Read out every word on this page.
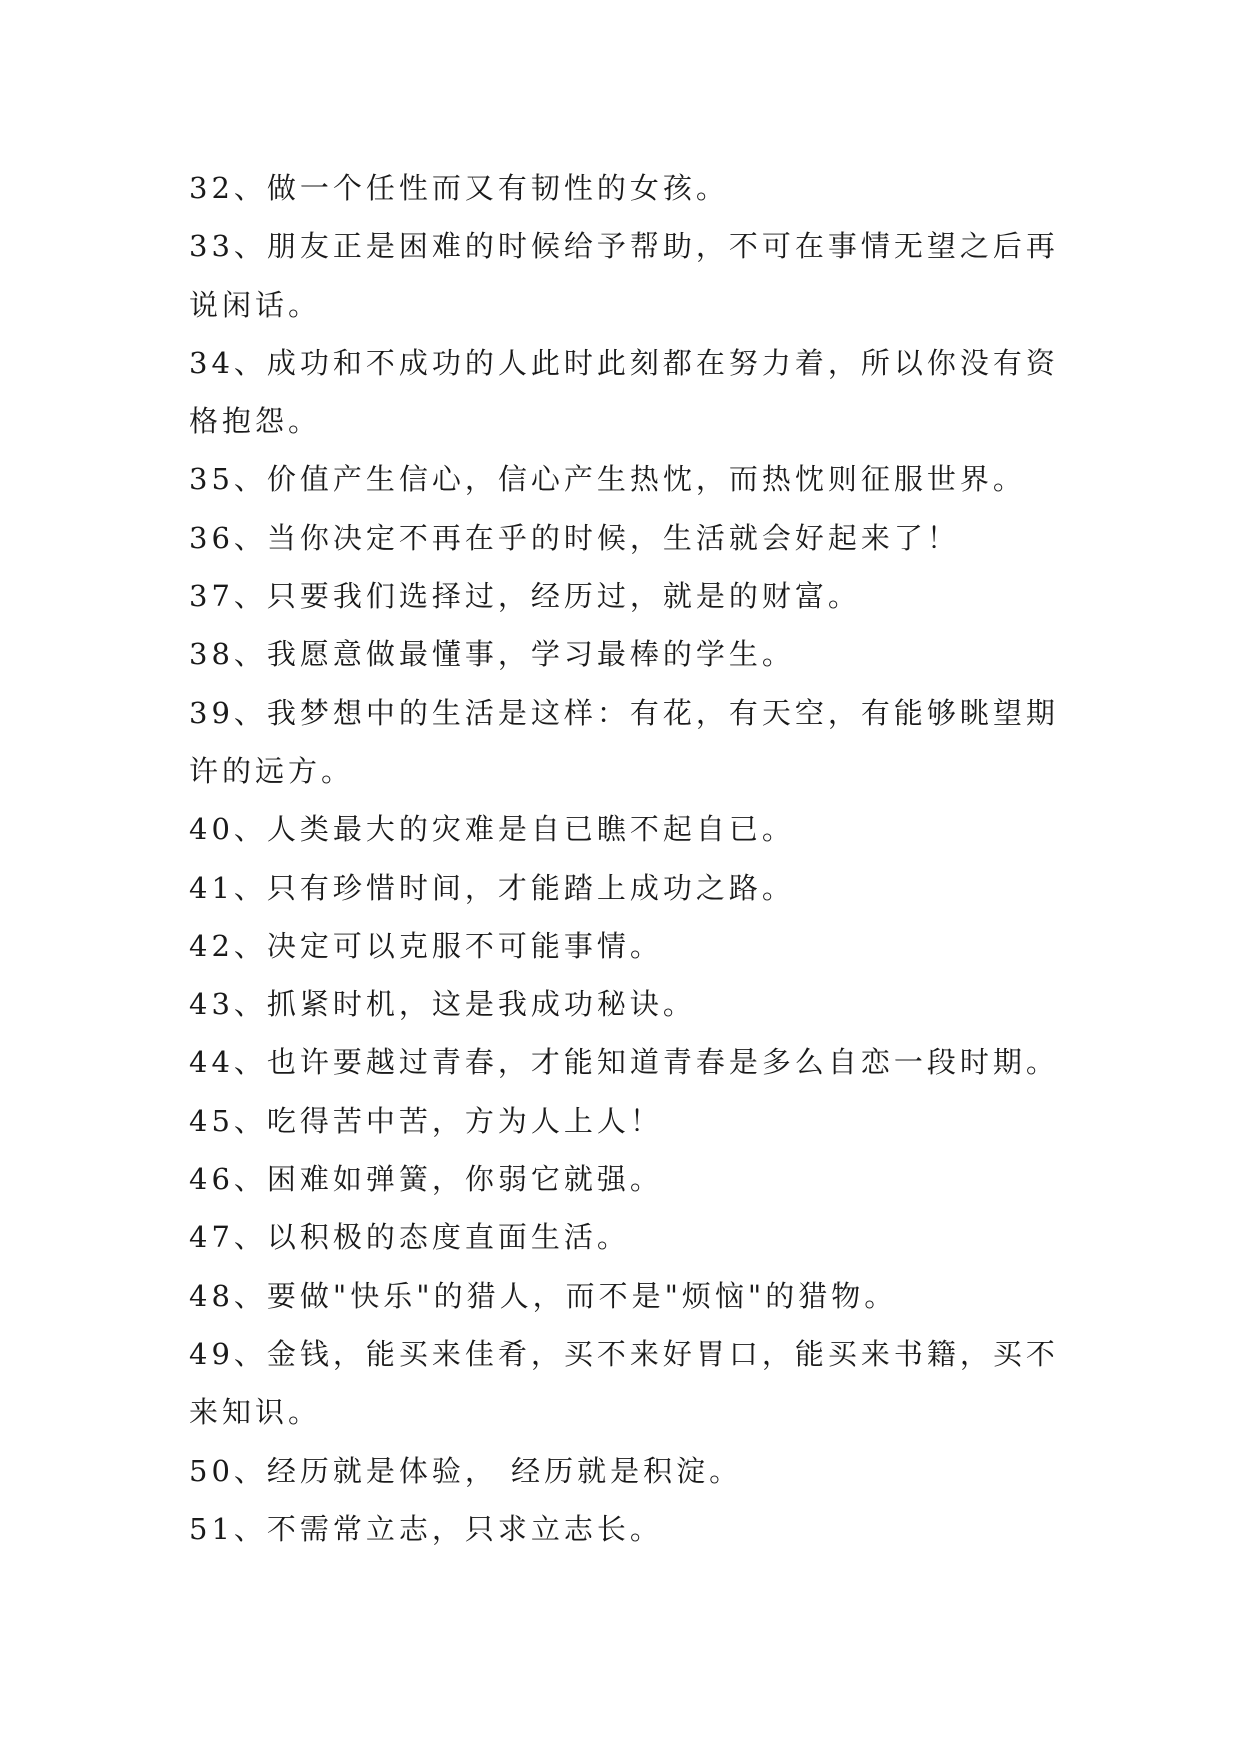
32、做一个任性而又有韧性的女孩。

33、朋友正是困难的时候给予帮助，不可在事情无望之后再

说闲话。

34、成功和不成功的人此时此刻都在努力着，所以你没有资

格抱怨。

35、价值产生信心，信心产生热忱，而热忱则征服世界。

36、当你决定不再在乎的时候，生活就会好起来了！

37、只要我们选择过，经历过，就是的财富。

38、我愿意做最懂事，学习最棒的学生。

39、我梦想中的生活是这样：有花，有天空，有能够眺望期

许的远方。

40、人类最大的灾难是自已瞧不起自已。

41、只有珍惜时间，才能踏上成功之路。

42、决定可以克服不可能事情。

43、抓紧时机，这是我成功秘诀。

44、也许要越过青春，才能知道青春是多么自恋一段时期。

45、吃得苦中苦，方为人上人！

46、困难如弹簧，你弱它就强。

47、以积极的态度直面生活。

48、要做"快乐"的猎人，而不是"烦恼"的猎物。

49、金钱，能买来佳肴，买不来好胃口，能买来书籍，买不

来知识。

50、经历就是体验， 经历就是积淀。

51、不需常立志，只求立志长。
